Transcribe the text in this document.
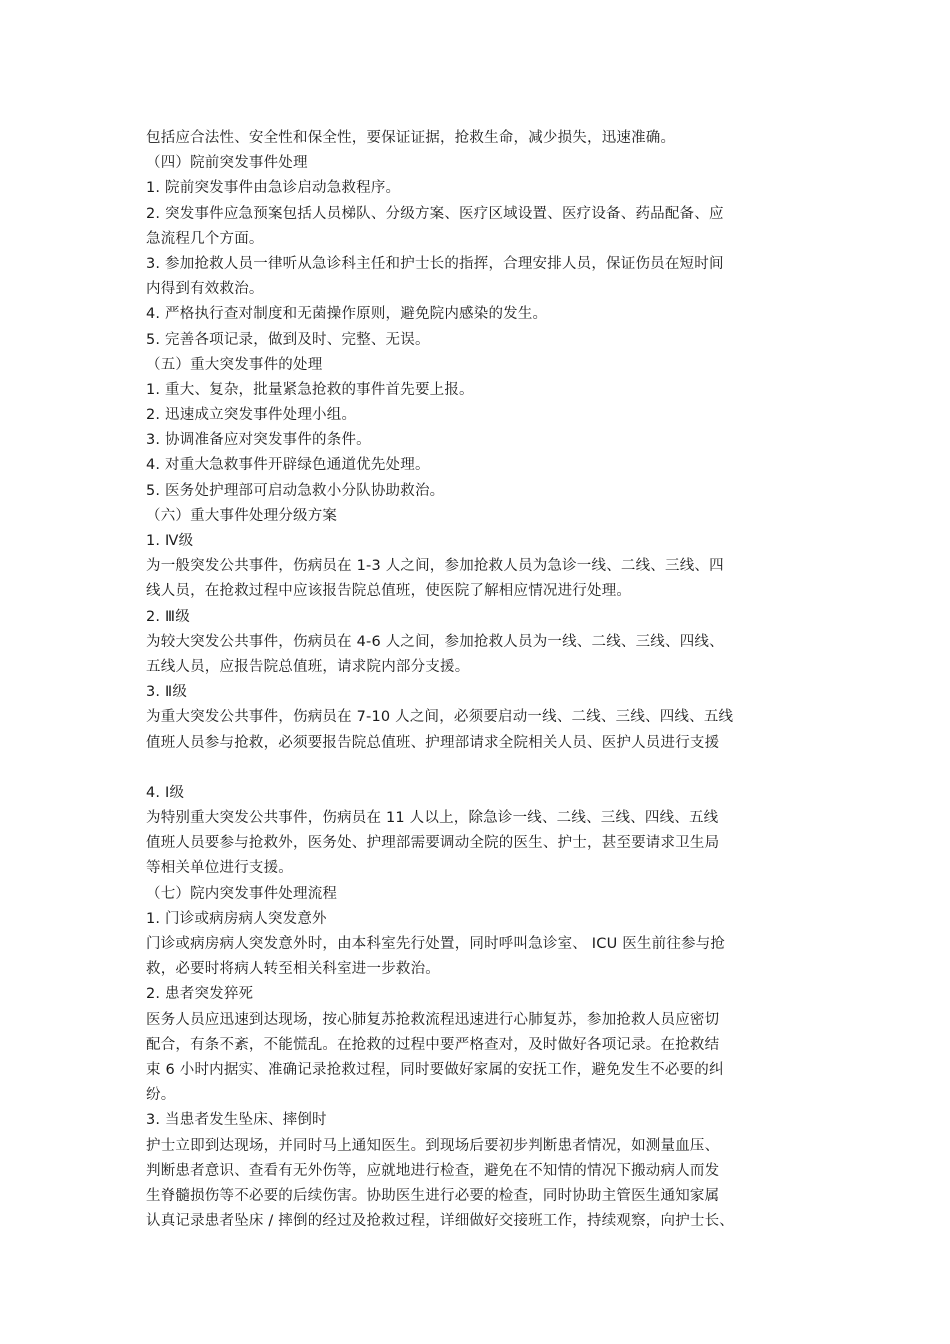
包括应合法性、安全性和保全性，要保证证据，抢救生命，减少损失，迅速准确。
（四）院前突发事件处理
1. 院前突发事件由急诊启动急救程序。
2. 突发事件应急预案包括人员梯队、分级方案、医疗区域设置、医疗设备、药品配备、应
急流程几个方面。
3. 参加抢救人员一律听从急诊科主任和护士长的指挥，合理安排人员，保证伤员在短时间
内得到有效救治。
4. 严格执行查对制度和无菌操作原则，避免院内感染的发生。
5. 完善各项记录，做到及时、完整、无误。
（五）重大突发事件的处理
1. 重大、复杂，批量紧急抢救的事件首先要上报。
2. 迅速成立突发事件处理小组。
3. 协调准备应对突发事件的条件。
4. 对重大急救事件开辟绿色通道优先处理。
5. 医务处护理部可启动急救小分队协助救治。
（六）重大事件处理分级方案
1. Ⅳ级
为一般突发公共事件，伤病员在 1-3 人之间，参加抢救人员为急诊一线、二线、三线、四
线人员，在抢救过程中应该报告院总值班，使医院了解相应情况进行处理。
2. Ⅲ级
为较大突发公共事件，伤病员在 4-6 人之间，参加抢救人员为一线、二线、三线、四线、
五线人员，应报告院总值班，请求院内部分支援。
3. Ⅱ级
为重大突发公共事件，伤病员在 7-10 人之间，必须要启动一线、二线、三线、四线、五线
值班人员参与抢救，必须要报告院总值班、护理部请求全院相关人员、医护人员进行支援
4. Ⅰ级
为特别重大突发公共事件，伤病员在 11 人以上，除急诊一线、二线、三线、四线、五线
值班人员要参与抢救外，医务处、护理部需要调动全院的医生、护士，甚至要请求卫生局
等相关单位进行支援。
（七）院内突发事件处理流程
1. 门诊或病房病人突发意外
门诊或病房病人突发意外时，由本科室先行处置，同时呼叫急诊室、 ICU 医生前往参与抢
救，必要时将病人转至相关科室进一步救治。
2. 患者突发猝死
医务人员应迅速到达现场，按心肺复苏抢救流程迅速进行心肺复苏，参加抢救人员应密切
配合，有条不紊，不能慌乱。在抢救的过程中要严格查对，及时做好各项记录。在抢救结
束 6 小时内据实、准确记录抢救过程，同时要做好家属的安抚工作，避免发生不必要的纠
纷。
3. 当患者发生坠床、摔倒时
护士立即到达现场，并同时马上通知医生。到现场后要初步判断患者情况，如测量血压、
判断患者意识、查看有无外伤等，应就地进行检查，避免在不知情的情况下搬动病人而发
生脊髓损伤等不必要的后续伤害。协助医生进行必要的检查，同时协助主管医生通知家属
认真记录患者坠床 / 摔倒的经过及抢救过程，详细做好交接班工作，持续观察，向护士长、
